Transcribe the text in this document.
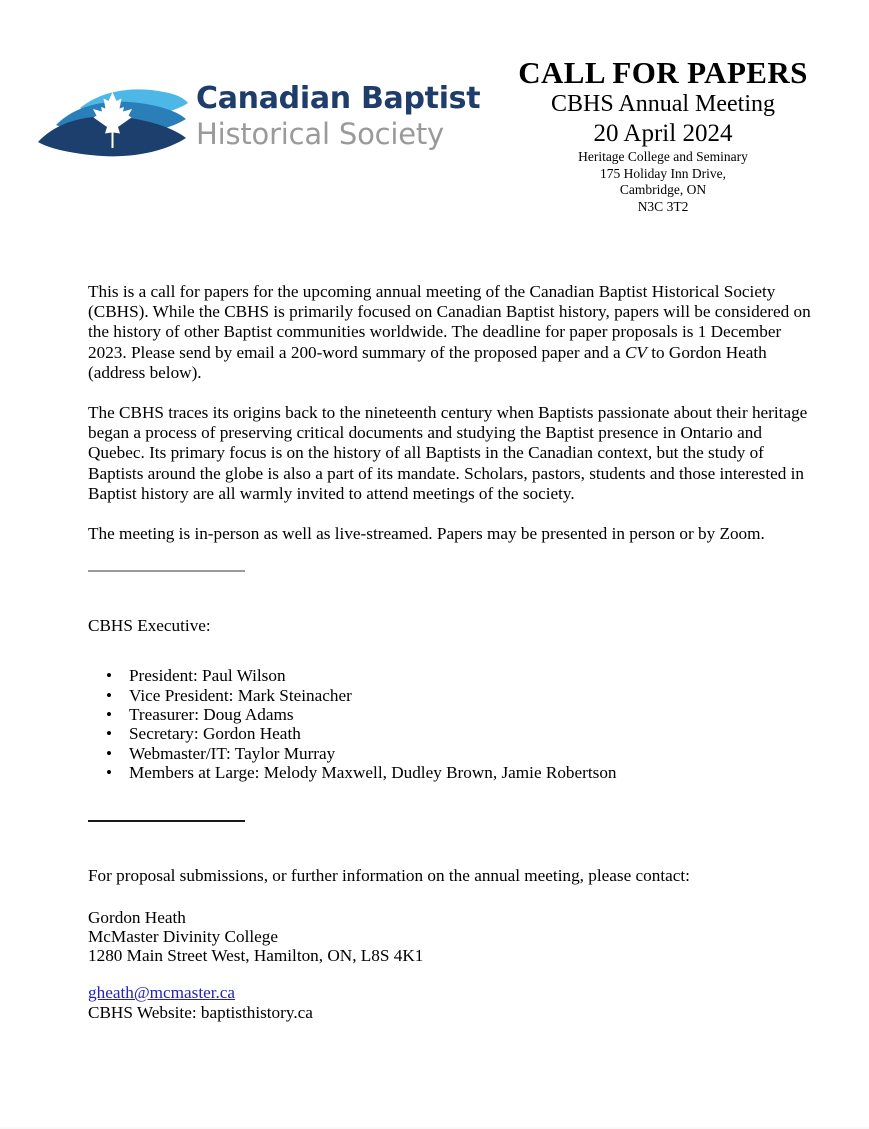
Canadian Baptist
Historical Society
CALL FOR PAPERS
CBHS Annual Meeting
20 April 2024
Heritage College and Seminary
175 Holiday Inn Drive,
Cambridge, ON
N3C 3T2

This is a call for papers for the upcoming annual meeting of the Canadian Baptist Historical Society (CBHS). While the CBHS is primarily focused on Canadian Baptist history, papers will be considered on the history of other Baptist communities worldwide. The deadline for paper proposals is 1 December 2023. Please send by email a 200-word summary of the proposed paper and a CV to Gordon Heath (address below).

The CBHS traces its origins back to the nineteenth century when Baptists passionate about their heritage began a process of preserving critical documents and studying the Baptist presence in Ontario and Quebec. Its primary focus is on the history of all Baptists in the Canadian context, but the study of Baptists around the globe is also a part of its mandate. Scholars, pastors, students and those interested in Baptist history are all warmly invited to attend meetings of the society.

The meeting is in-person as well as live-streamed. Papers may be presented in person or by Zoom.

CBHS Executive:

• President: Paul Wilson
• Vice President: Mark Steinacher
• Treasurer: Doug Adams
• Secretary: Gordon Heath
• Webmaster/IT: Taylor Murray
• Members at Large: Melody Maxwell, Dudley Brown, Jamie Robertson

For proposal submissions, or further information on the annual meeting, please contact:

Gordon Heath

McMaster Divinity College

1280 Main Street West, Hamilton, ON, L8S 4K1

gheath@mcmaster.ca

CBHS Website: baptisthistory.ca
